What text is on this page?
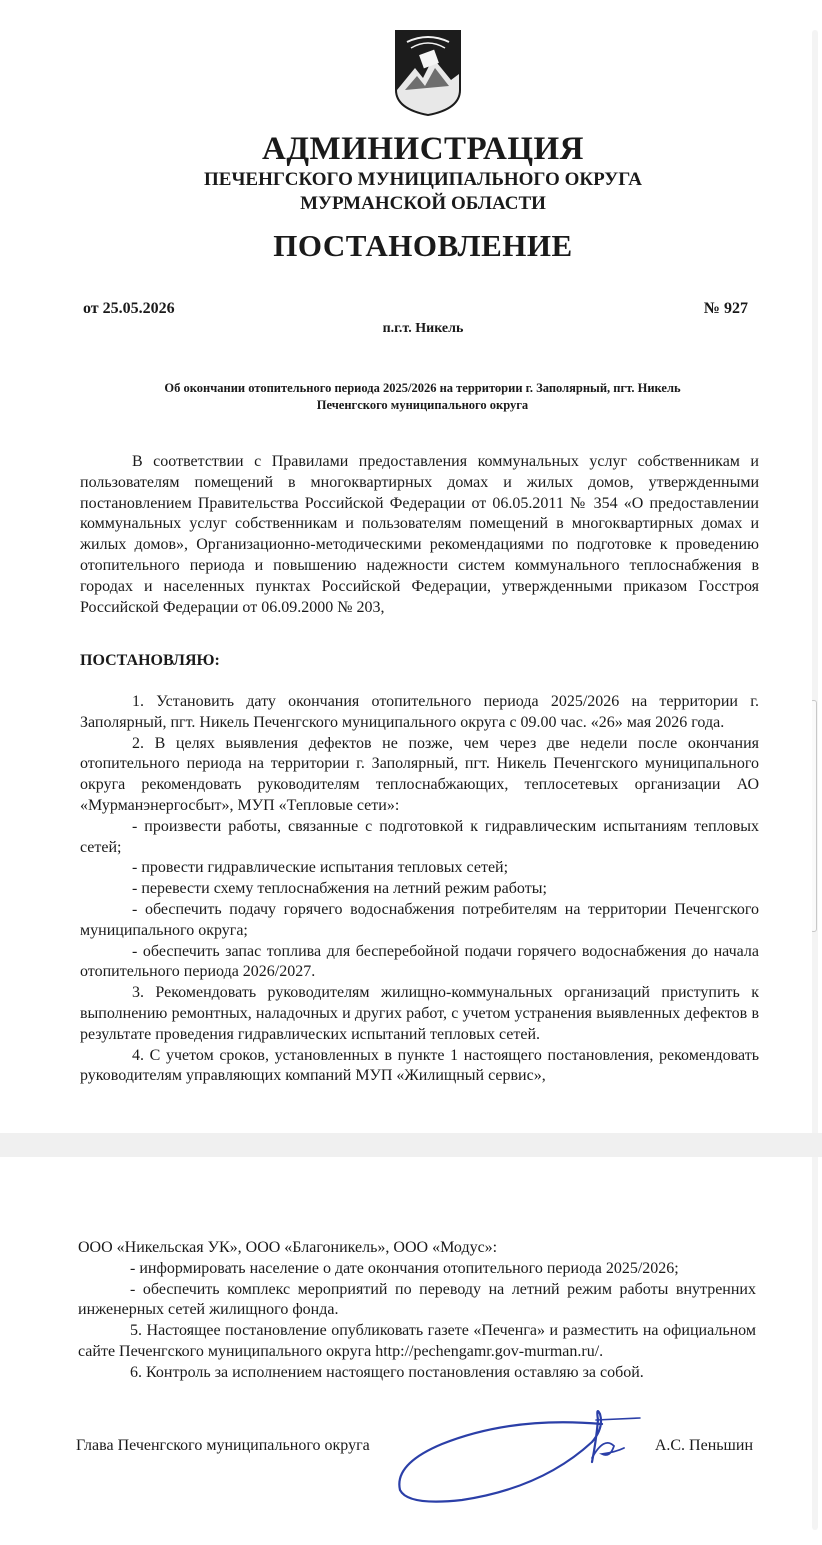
АДМИНИСТРАЦИЯ
ПЕЧЕНГСКОГО МУНИЦИПАЛЬНОГО ОКРУГА
МУРМАНСКОЙ ОБЛАСТИ
ПОСТАНОВЛЕНИЕ
от 25.05.2026	№ 927
п.г.т. Никель
Об окончании отопительного периода 2025/2026 на территории г. Заполярный, пгт. Никель
Печенгского муниципального округа

В соответствии с Правилами предоставления коммунальных услуг собственникам и пользователям помещений в многоквартирных домах и жилых домов, утвержденными постановлением Правительства Российской Федерации от 06.05.2011 № 354 «О предоставлении коммунальных услуг собственникам и пользователям помещений в многоквартирных домах и жилых домов», Организационно-методическими рекомендациями по подготовке к проведению отопительного периода и повышению надежности систем коммунального теплоснабжения в городах и населенных пунктах Российской Федерации, утвержденными приказом Госстроя Российской Федерации от 06.09.2000 № 203,

ПОСТАНОВЛЯЮ:

1. Установить дату окончания отопительного периода 2025/2026 на территории г. Заполярный, пгт. Никель Печенгского муниципального округа с 09.00 час. «26» мая 2026 года.

2. В целях выявления дефектов не позже, чем через две недели после окончания отопительного периода на территории г. Заполярный, пгт. Никель Печенгского муниципального округа рекомендовать руководителям теплоснабжающих, теплосетевых организации АО «Мурманэнергосбыт», МУП «Тепловые сети»:

- произвести работы, связанные с подготовкой к гидравлическим испытаниям тепловых сетей;

- провести гидравлические испытания тепловых сетей;

- перевести схему теплоснабжения на летний режим работы;

- обеспечить подачу горячего водоснабжения потребителям на территории Печенгского муниципального округа;

- обеспечить запас топлива для бесперебойной подачи горячего водоснабжения до начала отопительного периода 2026/2027.

3. Рекомендовать руководителям жилищно-коммунальных организаций приступить к выполнению ремонтных, наладочных и других работ, с учетом устранения выявленных дефектов в результате проведения гидравлических испытаний тепловых сетей.

4. С учетом сроков, установленных в пункте 1 настоящего постановления, рекомендовать руководителям управляющих компаний МУП «Жилищный сервис»,

ООО «Никельская УК», ООО «Благоникель», ООО «Модус»:

- информировать население о дате окончания отопительного периода 2025/2026;

- обеспечить комплекс мероприятий по переводу на летний режим работы внутренних инженерных сетей жилищного фонда.

5. Настоящее постановление опубликовать газете «Печенга» и разместить на официальном сайте Печенгского муниципального округа http://pechengamr.gov-murman.ru/.

6. Контроль за исполнением настоящего постановления оставляю за собой.

Глава Печенгского муниципального округа	А.С. Пеньшин
